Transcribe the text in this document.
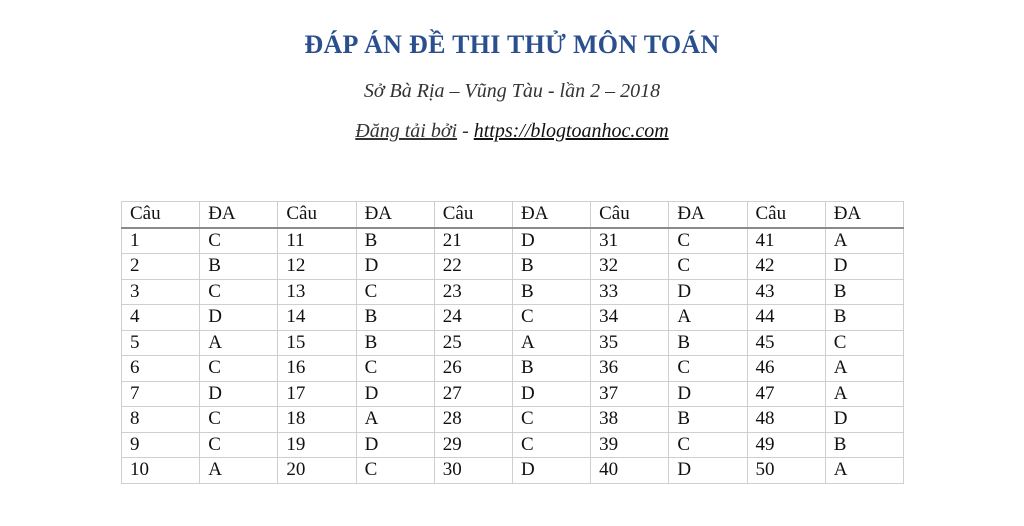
ĐÁP ÁN ĐỀ THI THỬ MÔN TOÁN
Sở Bà Rịa – Vũng Tàu - lần 2 – 2018
Đăng tải bởi - https://blogtoanhoc.com
Câu	ĐA	Câu	ĐA	Câu	ĐA	Câu	ĐA	Câu	ĐA
1	C	11	B	21	D	31	C	41	A
2	B	12	D	22	B	32	C	42	D
3	C	13	C	23	B	33	D	43	B
4	D	14	B	24	C	34	A	44	B
5	A	15	B	25	A	35	B	45	C
6	C	16	C	26	B	36	C	46	A
7	D	17	D	27	D	37	D	47	A
8	C	18	A	28	C	38	B	48	D
9	C	19	D	29	C	39	C	49	B
10	A	20	C	30	D	40	D	50	A
